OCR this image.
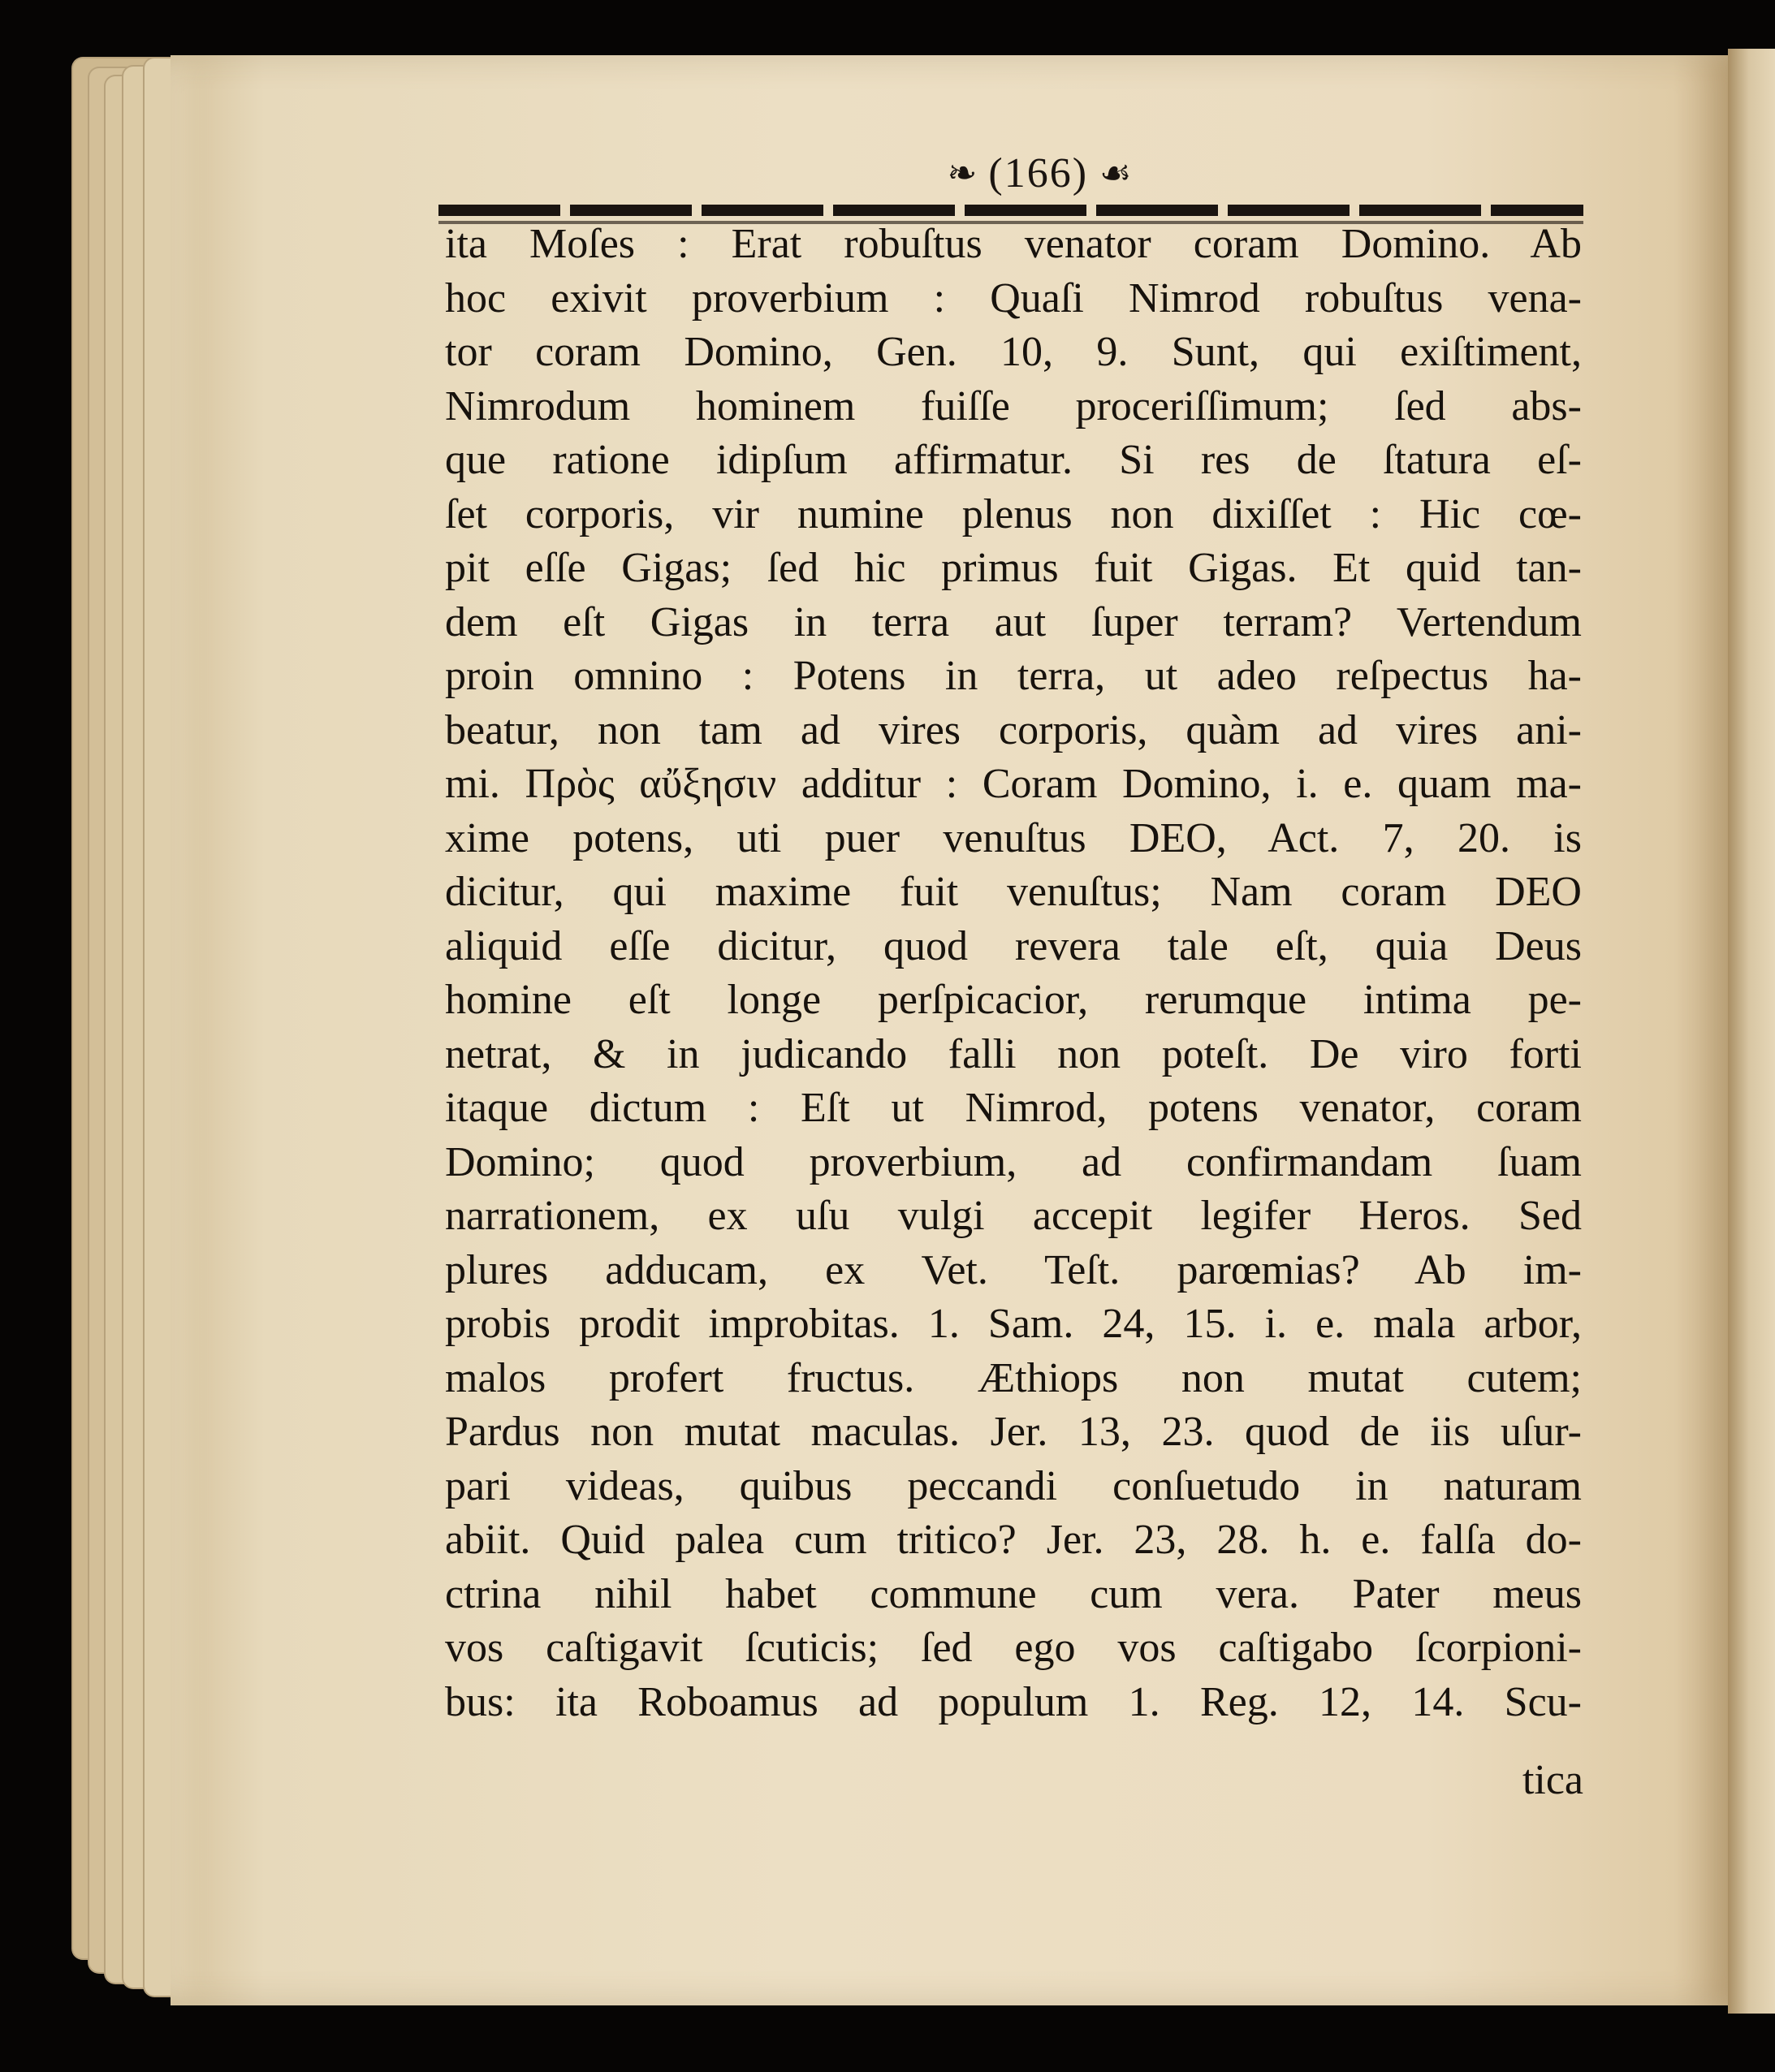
❧ (166) ☙
ita Moſes : Erat robuſtus venator coram Domino. Ab
hoc exivit proverbium : Quaſi Nimrod robuſtus vena-
tor coram Domino, Gen. 10, 9. Sunt, qui exiſtiment,
Nimrodum hominem fuiſſe proceriſſimum; ſed abs-
que ratione idipſum affirmatur. Si res de ſtatura eſ-
ſet corporis, vir numine plenus non dixiſſet : Hic cœ-
pit eſſe Gigas; ſed hic primus fuit Gigas. Et quid tan-
dem eſt Gigas in terra aut ſuper terram? Vertendum
proin omnino : Potens in terra, ut adeo reſpectus ha-
beatur, non tam ad vires corporis, quàm ad vires ani-
mi. Πρὸς αὔξησιν additur : Coram Domino, i. e. quam ma-
xime potens, uti puer venuſtus DEO, Act. 7, 20. is
dicitur, qui maxime fuit venuſtus; Nam coram DEO
aliquid eſſe dicitur, quod revera tale eſt, quia Deus
homine eſt longe perſpicacior, rerumque intima pe-
netrat, & in judicando falli non poteſt. De viro forti
itaque dictum : Eſt ut Nimrod, potens venator, coram
Domino; quod proverbium, ad confirmandam ſuam
narrationem, ex uſu vulgi accepit legifer Heros. Sed
plures adducam, ex Vet. Teſt. parœmias? Ab im-
probis prodit improbitas. 1. Sam. 24, 15. i. e. mala arbor,
malos profert fructus. Æthiops non mutat cutem;
Pardus non mutat maculas. Jer. 13, 23. quod de iis uſur-
pari videas, quibus peccandi conſuetudo in naturam
abiit. Quid palea cum tritico? Jer. 23, 28. h. e. falſa do-
ctrina nihil habet commune cum vera. Pater meus
vos caſtigavit ſcuticis; ſed ego vos caſtigabo ſcorpioni-
bus: ita Roboamus ad populum 1. Reg. 12, 14. Scu-
tica
